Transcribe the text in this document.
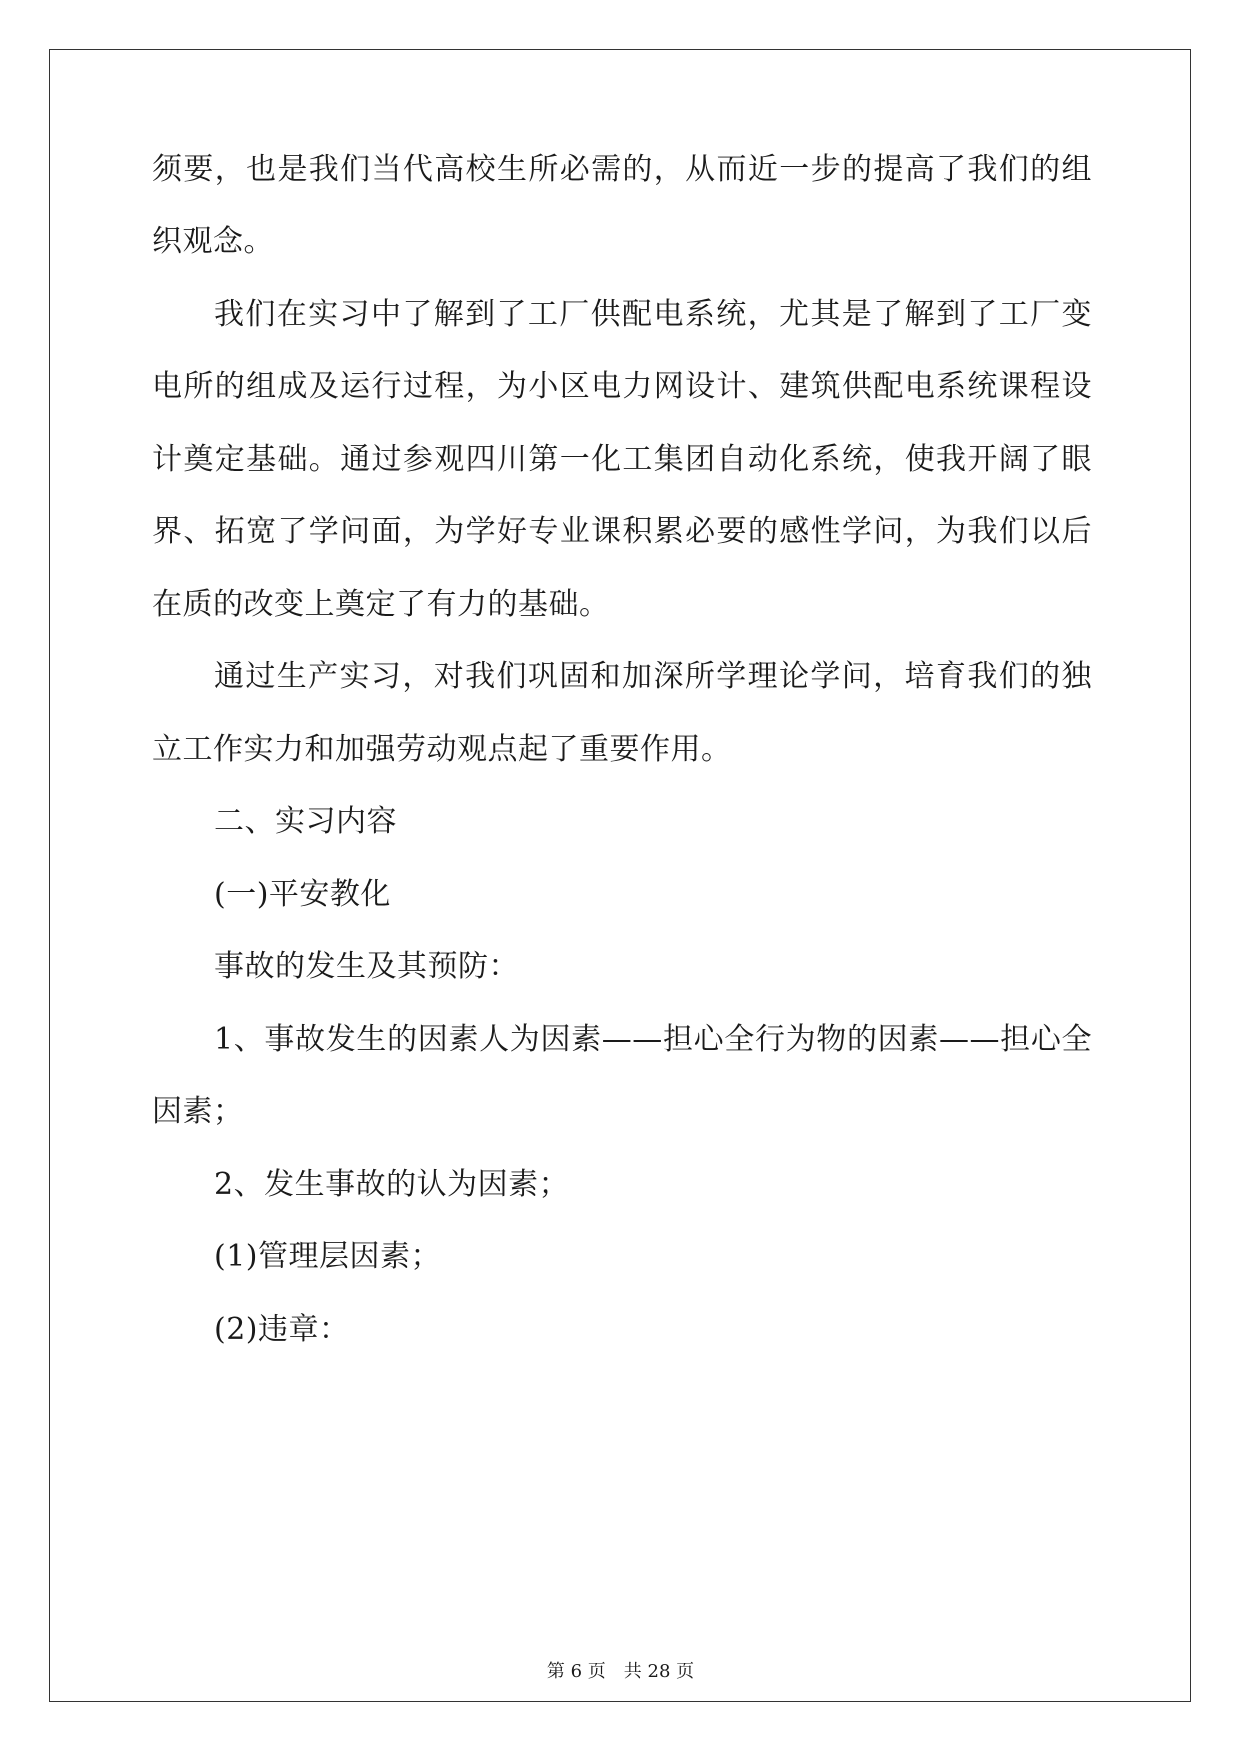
须要，也是我们当代高校生所必需的，从而近一步的提高了我们的组
织观念。
我们在实习中了解到了工厂供配电系统，尤其是了解到了工厂变
电所的组成及运行过程，为小区电力网设计、建筑供配电系统课程设
计奠定基础。通过参观四川第一化工集团自动化系统，使我开阔了眼
界、拓宽了学问面，为学好专业课积累必要的感性学问，为我们以后
在质的改变上奠定了有力的基础。
通过生产实习，对我们巩固和加深所学理论学问，培育我们的独
立工作实力和加强劳动观点起了重要作用。
二、实习内容
(一)平安教化
事故的发生及其预防：
1、事故发生的因素人为因素——担心全行为物的因素——担心全
因素；
2、发生事故的认为因素；
(1)管理层因素；
(2)违章：
第 6 页 共 28 页
